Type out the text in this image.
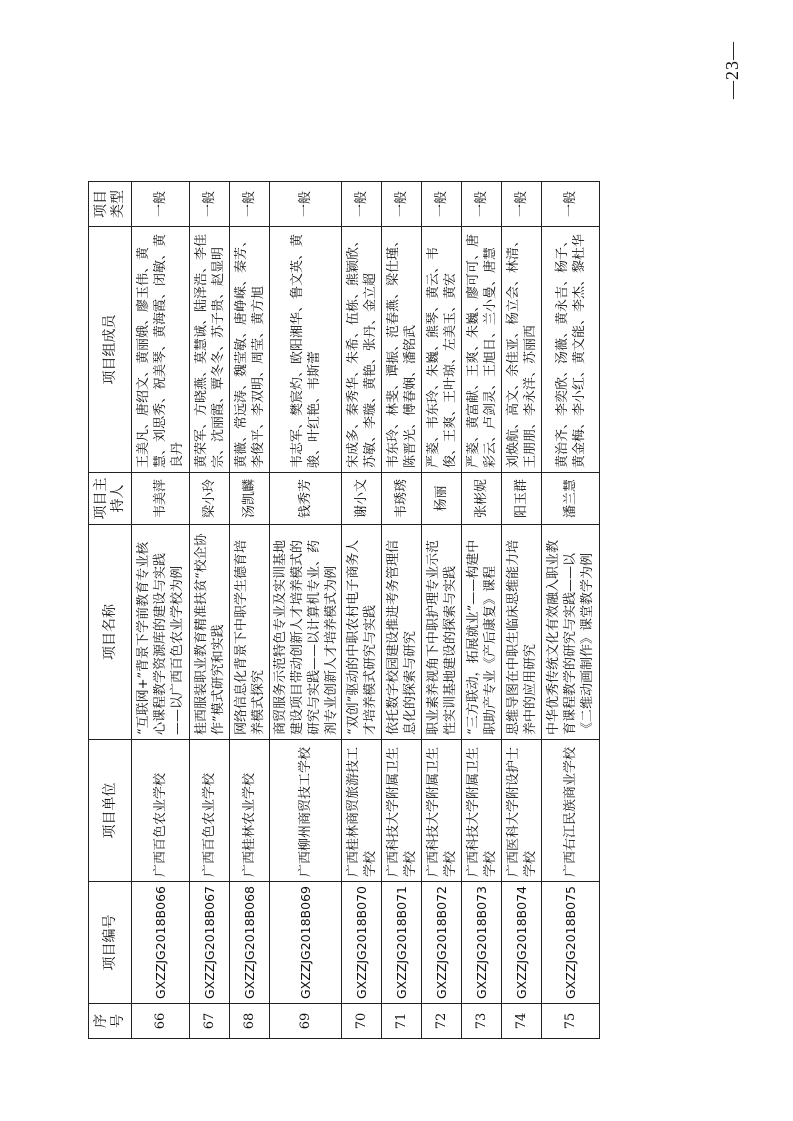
序号	项目编号	项目单位	项目名称	项目主持人	项目组成员	项目类型
66	GXZZJG2018B066	广西百色农业学校	“互联网+”背景下学前教育专业核心课程教学资源库的建设与实践——以广西百色农业学校为例	韦美萍	王美凡、唐绍文、黄丽娥、廖玉伟、黄慧、刘思秀、祝美琴、黄海霞、闭敏、黄良丹	一般
67	GXZZJG2018B067	广西百色农业学校	桂西服装职业教育精准扶贫“校企协作”模式研究和实践	梁小玲	黄荣军、方晓燕、莫慧诚、陆泽浩、李佳宗、沈丽霞、覃冬冬、苏子贵、赵显明	一般
68	GXZZJG2018B068	广西桂林农业学校	网络信息化背景下中职学生德育培养模式探究	汤凯麟	黄薇、常远涛、魏莹敏、唐峥嵘、秦芳、李俊平、李双明、周莹、黄方旭	一般
69	GXZZJG2018B069	广西柳州商贸技工学校	商贸服务示范特色专业及实训基地建设项目带动创新人才培养模式的研究与实践——以计算机专业、药剂专业创新人才培养模式为例	钱秀芳	韦志军、樊宸灼、欧阳湘华、鲁文英、黄骏、叶红艳、韦斯蕾	一般
70	GXZZJG2018B070	广西桂林商贸旅游技工学校	“双创”驱动的中职农村电子商务人才培养模式研究与实践	谢小文	宋成多、秦秀华、朱希、伍栋、熊颖欣、苏敏、李璇、黄艳、张丹、金立超	一般
71	GXZZJG2018B071	广西科技大学附属卫生学校	依托数字校园建设推进考务管理信息化的探索与研究	韦琇琇	韦东玲、林斐、谭振、范春燕、梁仕瑾、陈晋光、傅春娴、潘铭武	一般
72	GXZZJG2018B072	广西科技大学附属卫生学校	职业素养视角下中职护理专业示范性实训基地建设的探索与实践	杨丽	严菱、韦东玲、朱巍、熊琴、黄云、韦俊、王爽、王叶琼、左美玉、黄宏	一般
73	GXZZJG2018B073	广西科技大学附属卫生学校	“三方联动，拓展就业”——构建中职助产专业《产后康复》课程	张彬妮	严菱、黄富献、王爽、朱巍、廖可可、唐彩云、卢剑灵、王旭日、兰小曼、唐慧	一般
74	GXZZJG2018B074	广西医科大学附设护士学校	思维导图在中职生临床思维能力培养中的应用研究	阳玉群	刘焕航、高文、余佳亚、杨立会、林清、王朋朋、李永洋、苏丽西	一般
75	GXZZJG2018B075	广西右江民族商业学校	中华优秀传统文化有效融入职业教育课程教学的研究与实践——以《二维动画制作》课堂教学为例	潘兰慧	黄治齐、李奕欣、汤薇、黄永吉、杨子、黄金梅、李小红、黄文能、李杰、黎杜华	一般
—23—
